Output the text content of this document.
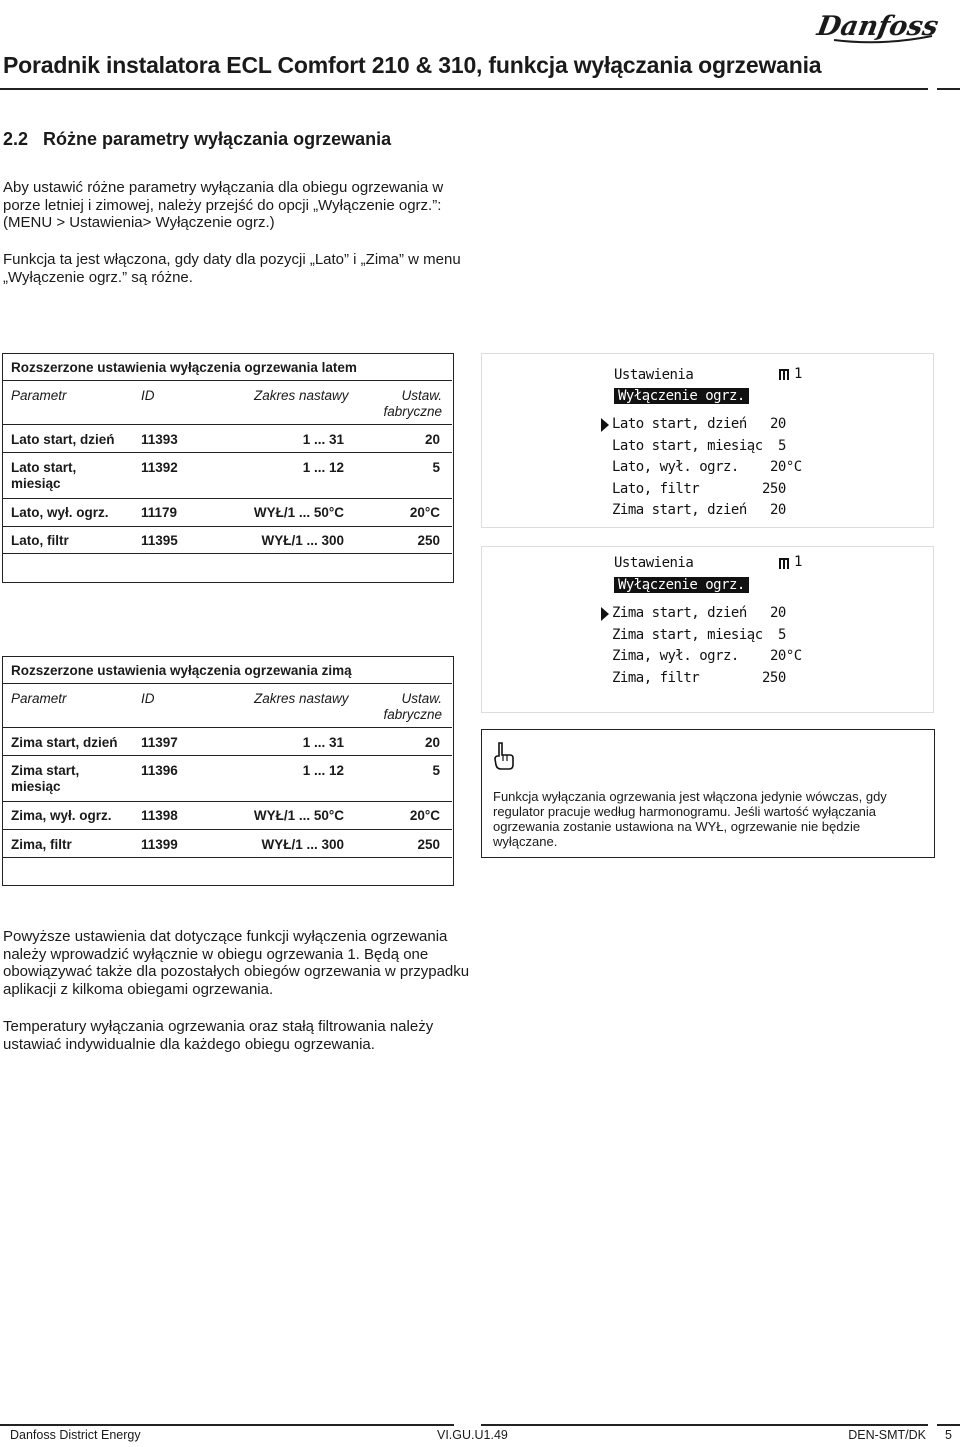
Poradnik instalatora ECL Comfort 210 & 310, funkcja wyłączania ogrzewania
Danfoss
2.2 Różne parametry wyłączania ogrzewania
Aby ustawić różne parametry wyłączania dla obiegu ogrzewania w porze letniej i zimowej, należy przejść do opcji „Wyłączenie ogrz.”: (MENU > Ustawienia> Wyłączenie ogrz.)
Funkcja ta jest włączona, gdy daty dla pozycji „Lato” i „Zima” w menu „Wyłączenie ogrz.” są różne.
Rozszerzone ustawienia wyłączenia ogrzewania latem
Parametr	ID	Zakres nastawy	Ustaw.
fabryczne
Lato start, dzień 11393	1 ... 31	20
Lato start, miesiąc
11392	1 ... 12	5
Lato, wył. ogrz. 11179	WYŁ/1 ... 50°C	20°C
Lato, filtr	11395	WYŁ/1 ... 300	250
Rozszerzone ustawienia wyłączenia ogrzewania zimą
Parametr	ID	Zakres nastawy	Ustaw.
fabryczne
Zima start, dzień 11397	1 ... 31	20
Zima start, miesiąc
11396	1 ... 12	5
Zima, wył. ogrz. 11398	WYŁ/1 ... 50°C	20°C
Zima, filtr	11399	WYŁ/1 ... 300	250
Ustawienia	1
Wyłączenie ogrz.
Lato start, dzień 20
Lato start, miesiąc 5
Lato, wył. ogrz. 20°C
Lato, filtr	250
Zima start, dzień 20
Ustawienia	1
Wyłączenie ogrz.
Zima start, dzień 20
Zima start, miesiąc 5
Zima, wył. ogrz. 20°C
Zima, filtr	250
Funkcja wyłączania ogrzewania jest włączona jedynie wówczas, gdy regulator pracuje według harmonogramu. Jeśli wartość wyłączania ogrzewania zostanie ustawiona na WYŁ, ogrzewanie nie będzie wyłączane.
Powyższe ustawienia dat dotyczące funkcji wyłączenia ogrzewania należy wprowadzić wyłącznie w obiegu ogrzewania 1. Będą one obowiązywać także dla pozostałych obiegów ogrzewania w przypadku aplikacji z kilkoma obiegami ogrzewania.
Temperatury wyłączania ogrzewania oraz stałą filtrowania należy ustawiać indywidualnie dla każdego obiegu ogrzewania.
Danfoss District Energy	VI.GU.U1.49	DEN-SMT/DK 5
